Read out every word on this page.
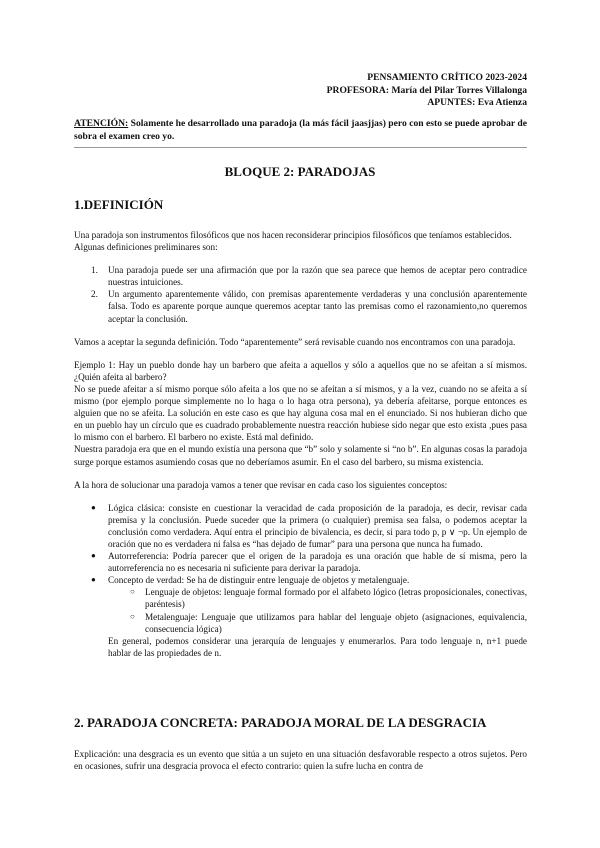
PENSAMIENTO CRÍTICO 2023-2024
PROFESORA: María del Pilar Torres Villalonga
APUNTES: Eva Atienza
ATENCIÓN: Solamente he desarrollado una paradoja (la más fácil jaasjjas) pero con esto se puede aprobar de sobra el examen creo yo.
BLOQUE 2: PARADOJAS
1.DEFINICIÓN

Una paradoja son instrumentos filosóficos que nos hacen reconsiderar principios filosóficos que teníamos establecidos.

Algunas definiciones preliminares son:

1. Una paradoja puede ser una afirmación que por la razón que sea parece que hemos de aceptar pero contradice nuestras intuiciones.
2. Un argumento aparentemente válido, con premisas aparentemente verdaderas y una conclusión aparentemente falsa. Todo es aparente porque aunque queremos aceptar tanto las premisas como el razonamiento,no queremos aceptar la conclusión.

Vamos a aceptar la segunda definición. Todo “aparentemente” será revisable cuando nos encontramos con una paradoja.

Ejemplo 1: Hay un pueblo donde hay un barbero que afeita a aquellos y sólo a aquellos que no se afeitan a sí mismos. ¿Quién afeita al barbero?

No se puede afeitar a sí mismo porque sólo afeita a los que no se afeitan a sí mismos, y a la vez, cuando no se afeita a sí mismo (por ejemplo porque simplemente no lo haga o lo haga otra persona), ya debería afeitarse, porque entonces es alguien que no se afeita. La solución en este caso es que hay alguna cosa mal en el enunciado. Si nos hubieran dicho que en un pueblo hay un círculo que es cuadrado probablemente nuestra reacción hubiese sido negar que esto exista ,pues pasa lo mismo con el barbero. El barbero no existe. Está mal definido.

Nuestra paradoja era que en el mundo existía una persona que “b” solo y solamente si “no b”. En algunas cosas la paradoja surge porque estamos asumiendo cosas que no deberíamos asumir. En el caso del barbero, su misma existencia.

A la hora de solucionar una paradoja vamos a tener que revisar en cada caso los siguientes conceptos:

● Lógica clásica: consiste en cuestionar la veracidad de cada proposición de la paradoja, es decir, revisar cada premisa y la conclusión. Puede suceder que la primera (o cualquier) premisa sea falsa, o podemos aceptar la conclusión como verdadera. Aquí entra el principio de bivalencia, es decir, si para todo p, p ∨ ¬p. Un ejemplo de oración que no es verdadera ni falsa es “has dejado de fumar” para una persona que nunca ha fumado.
● Autorreferencia: Podría parecer que el origen de la paradoja es una oración que hable de sí misma, pero la autorreferencia no es necesaria ni suficiente para derivar la paradoja.
● Concepto de verdad: Se ha de distinguir entre lenguaje de objetos y metalenguaje.
○ Lenguaje de objetos: lenguaje formal formado por el alfabeto lógico (letras proposicionales, conectivas, paréntesis)
○ Metalenguaje: Lenguaje que utilizamos para hablar del lenguaje objeto (asignaciones, equivalencia, consecuencia lógica)

En general, podemos considerar una jerarquía de lenguajes y enumerarlos. Para todo lenguaje n, n+1 puede hablar de las propiedades de n.

2. PARADOJA CONCRETA: PARADOJA MORAL DE LA DESGRACIA

Explicación: una desgracia es un evento que sitúa a un sujeto en una situación desfavorable respecto a otros sujetos. Pero en ocasiones, sufrir una desgracia provoca el efecto contrario: quien la sufre lucha en contra de
